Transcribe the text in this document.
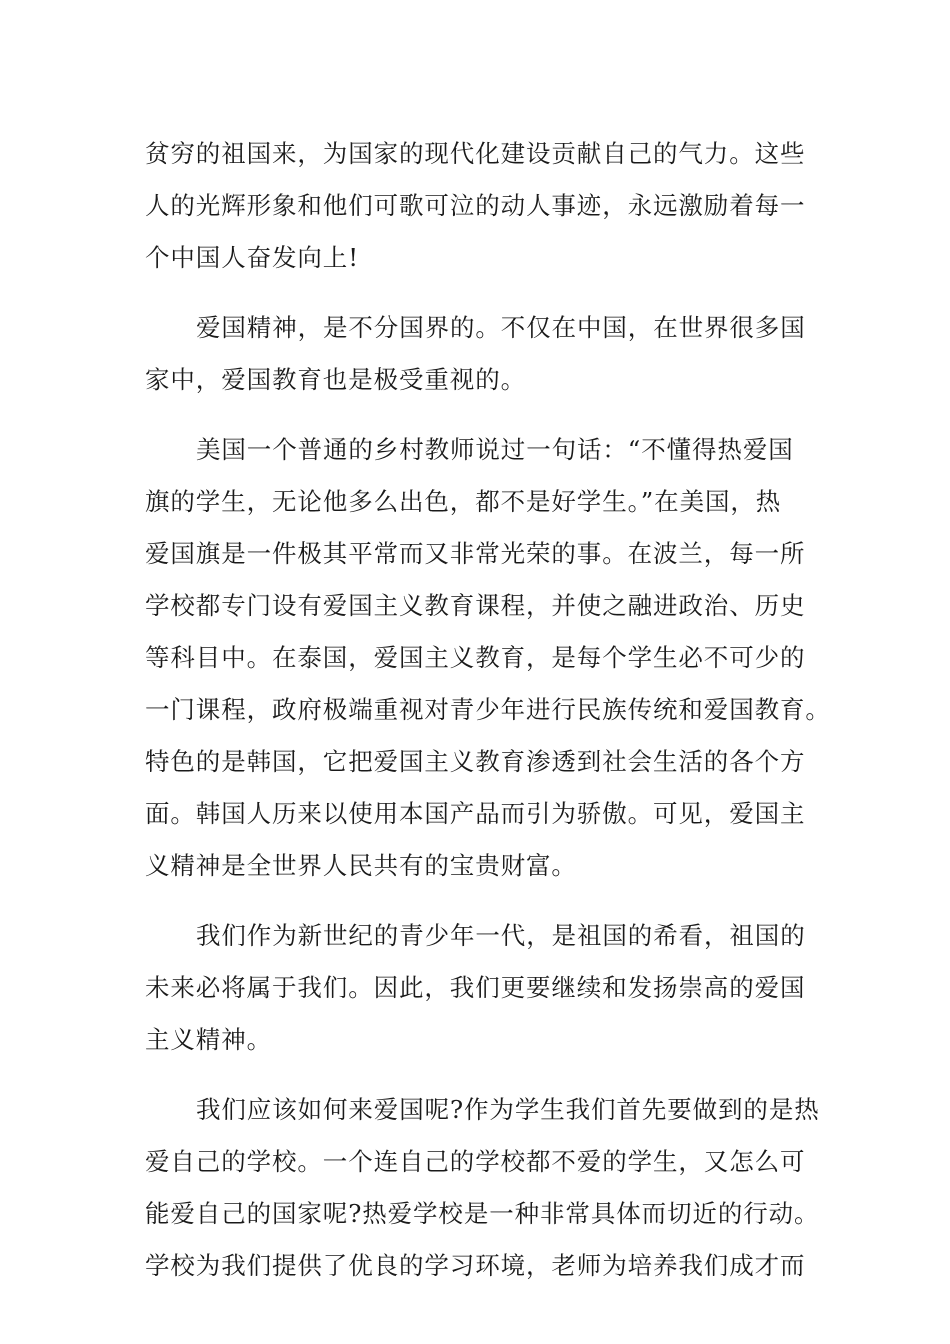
贫穷的祖国来，为国家的现代化建设贡献自己的气力。这些
人的光辉形象和他们可歌可泣的动人事迹，永远激励着每一
个中国人奋发向上!

爱国精神，是不分国界的。不仅在中国，在世界很多国
家中，爱国教育也是极受重视的。

美国一个普通的乡村教师说过一句话：“不懂得热爱国
旗的学生，无论他多么出色，都不是好学生。”在美国，热
爱国旗是一件极其平常而又非常光荣的事。在波兰，每一所
学校都专门设有爱国主义教育课程，并使之融进政治、历史
等科目中。在泰国，爱国主义教育，是每个学生必不可少的
一门课程，政府极端重视对青少年进行民族传统和爱国教育。
特色的是韩国，它把爱国主义教育渗透到社会生活的各个方
面。韩国人历来以使用本国产品而引为骄傲。可见，爱国主
义精神是全世界人民共有的宝贵财富。

我们作为新世纪的青少年一代，是祖国的希看，祖国的
未来必将属于我们。因此，我们更要继续和发扬崇高的爱国
主义精神。

我们应该如何来爱国呢?作为学生我们首先要做到的是热
爱自己的学校。一个连自己的学校都不爱的学生，又怎么可
能爱自己的国家呢?热爱学校是一种非常具体而切近的行动。
学校为我们提供了优良的学习环境，老师为培养我们成才而
